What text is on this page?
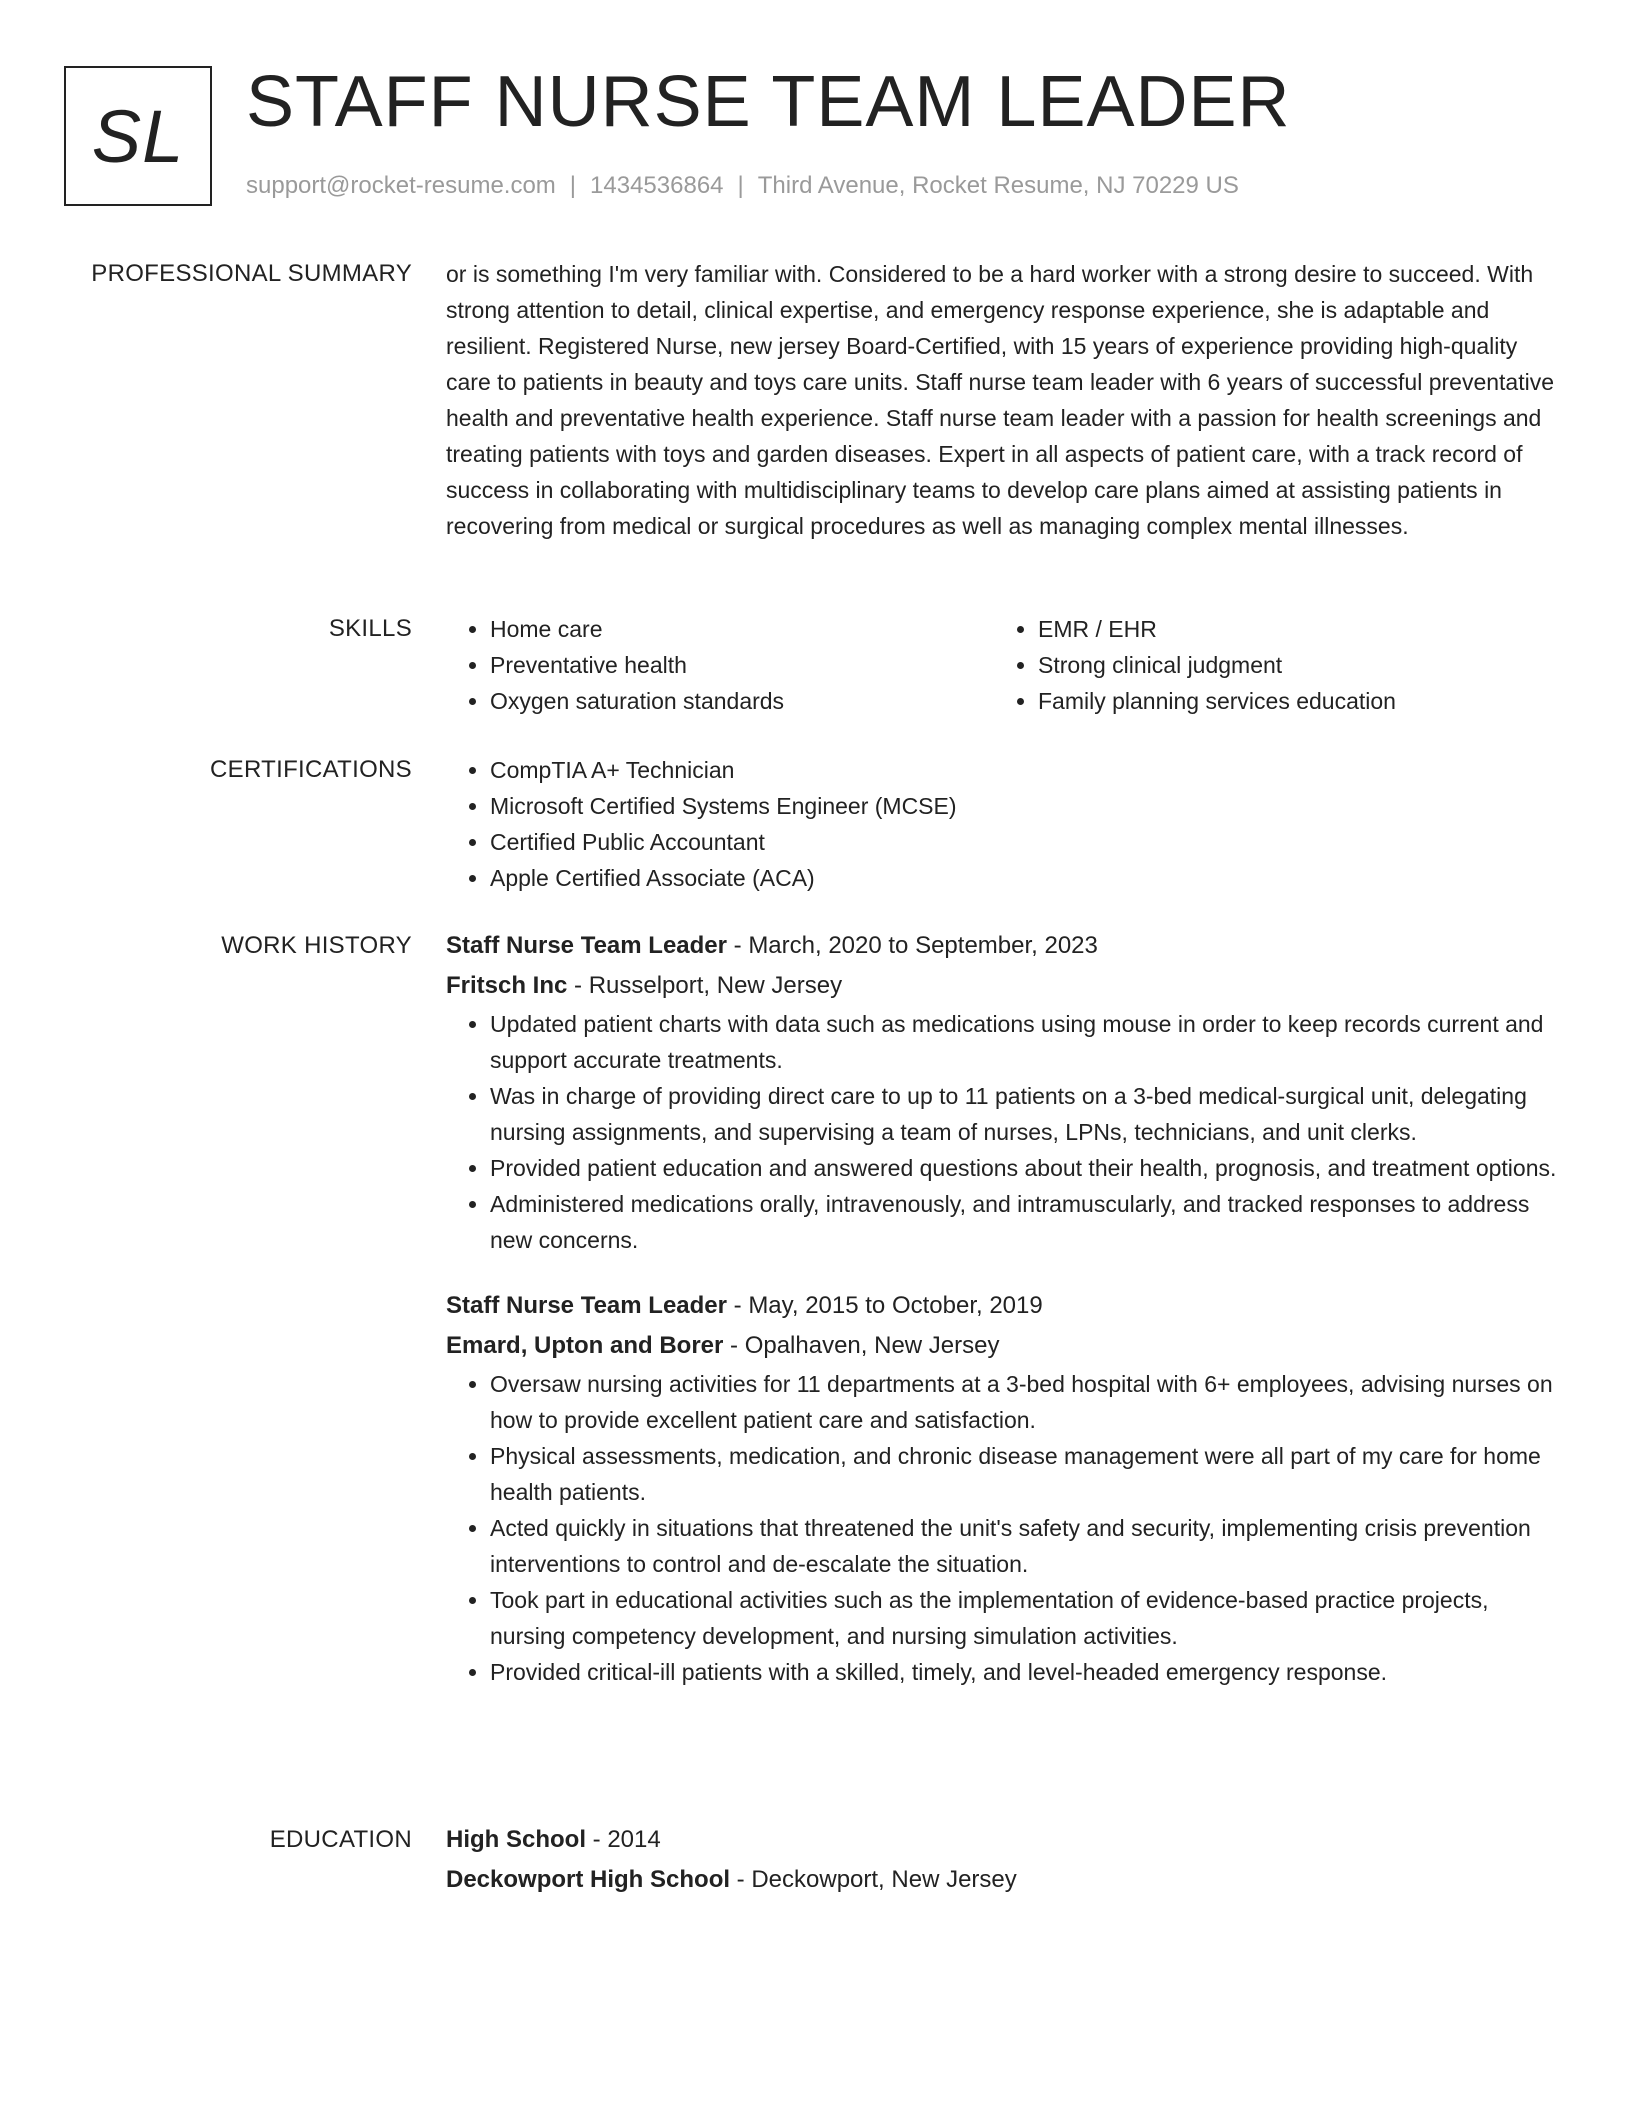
SL STAFF NURSE TEAM LEADER
support@rocket-resume.com | 1434536864 | Third Avenue, Rocket Resume, NJ 70229 US
PROFESSIONAL SUMMARY or is something I'm very familiar with. Considered to be a hard worker with a strong desire to succeed. With strong attention to detail, clinical expertise, and emergency response experience, she is adaptable and resilient. Registered Nurse, new jersey Board-Certified, with 15 years of experience providing high-quality care to patients in beauty and toys care units. Staff nurse team leader with 6 years of successful preventative health and preventative health experience. Staff nurse team leader with a passion for health screenings and treating patients with toys and garden diseases. Expert in all aspects of patient care, with a track record of success in collaborating with multidisciplinary teams to develop care plans aimed at assisting patients in recovering from medical or surgical procedures as well as managing complex mental illnesses.
SKILLS	• Home care
• Preventative health
• Oxygen saturation standards
• EMR / EHR
• Strong clinical judgment
• Family planning services education
CERTIFICATIONS	• CompTIA A+ Technician
• Microsoft Certified Systems Engineer (MCSE)
• Certified Public Accountant
• Apple Certified Associate (ACA)
WORK HISTORY Staff Nurse Team Leader - March, 2020 to September, 2023
Fritsch Inc - Russelport, New Jersey
• Updated patient charts with data such as medications using mouse in order to keep records current and support accurate treatments.
• Was in charge of providing direct care to up to 11 patients on a 3-bed medical-surgical unit, delegating nursing assignments, and supervising a team of nurses, LPNs, technicians, and unit clerks.
• Provided patient education and answered questions about their health, prognosis, and treatment options.
• Administered medications orally, intravenously, and intramuscularly, and tracked responses to address new concerns.
Staff Nurse Team Leader - May, 2015 to October, 2019
Emard, Upton and Borer - Opalhaven, New Jersey
• Oversaw nursing activities for 11 departments at a 3-bed hospital with 6+ employees, advising nurses on how to provide excellent patient care and satisfaction.
• Physical assessments, medication, and chronic disease management were all part of my care for home health patients.
• Acted quickly in situations that threatened the unit's safety and security, implementing crisis prevention interventions to control and de-escalate the situation.
• Took part in educational activities such as the implementation of evidence-based practice projects, nursing competency development, and nursing simulation activities.
• Provided critical-ill patients with a skilled, timely, and level-headed emergency response.
EDUCATION High School - 2014
Deckowport High School - Deckowport, New Jersey
